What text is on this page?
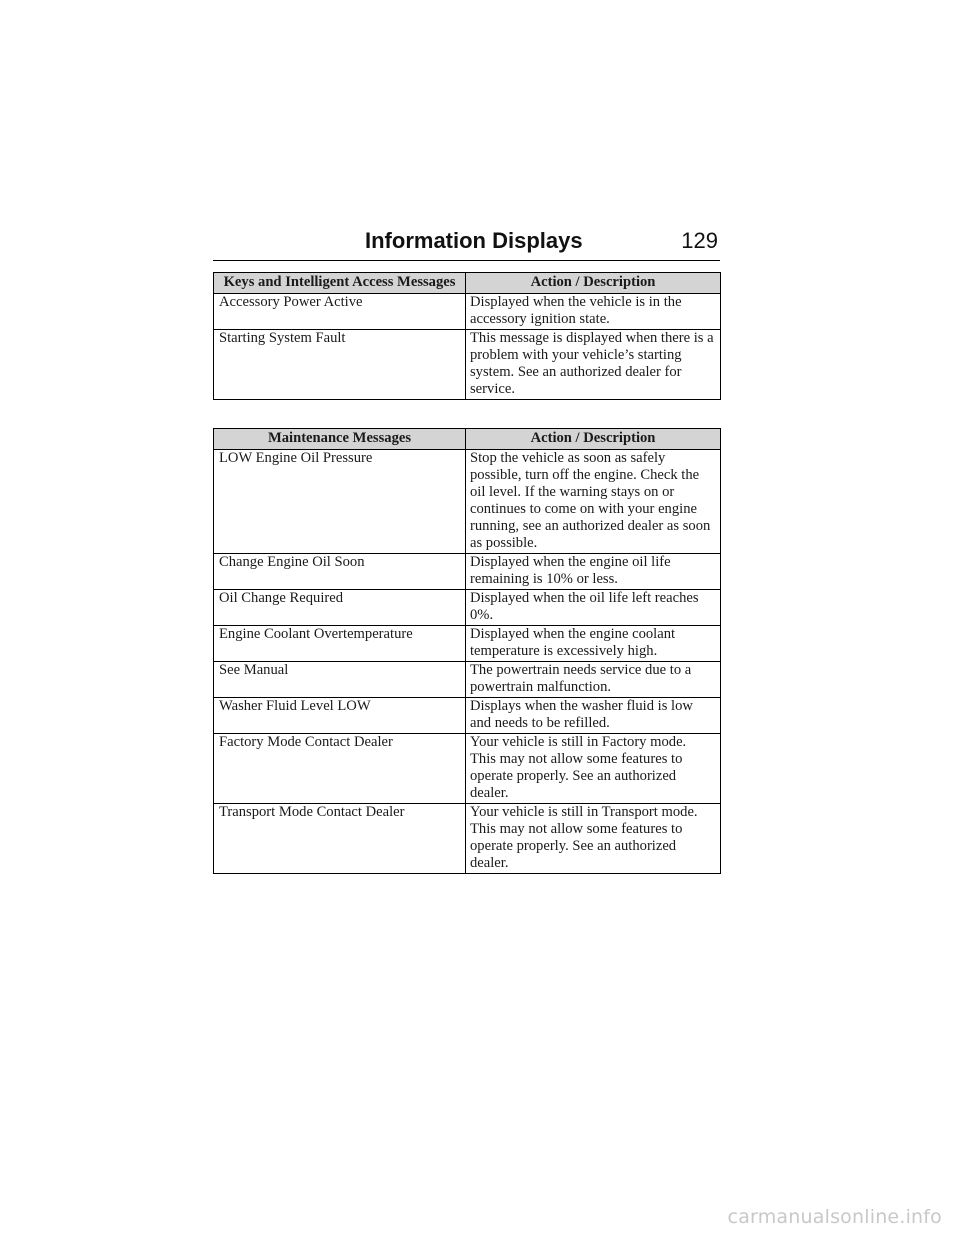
Information Displays	129
Keys and Intelligent Access Messages	Action / Description
Accessory Power Active	Displayed when the vehicle is in the accessory ignition state.
Starting System Fault	This message is displayed when there is a problem with your vehicle’s starting system. See an authorized dealer for service.
Maintenance Messages	Action / Description
LOW Engine Oil Pressure	Stop the vehicle as soon as safely possible, turn off the engine. Check the oil level. If the warning stays on or continues to come on with your engine running, see an authorized dealer as soon as possible.
Change Engine Oil Soon	Displayed when the engine oil life remaining is 10% or less.
Oil Change Required	Displayed when the oil life left reaches 0%.
Engine Coolant Overtemperature	Displayed when the engine coolant temperature is excessively high.
See Manual	The powertrain needs service due to a powertrain malfunction.
Washer Fluid Level LOW	Displays when the washer fluid is low and needs to be refilled.
Factory Mode Contact Dealer	Your vehicle is still in Factory mode. This may not allow some features to operate properly. See an authorized dealer.
Transport Mode Contact Dealer	Your vehicle is still in Transport mode. This may not allow some features to operate properly. See an authorized dealer.
carmanualsonline.info
